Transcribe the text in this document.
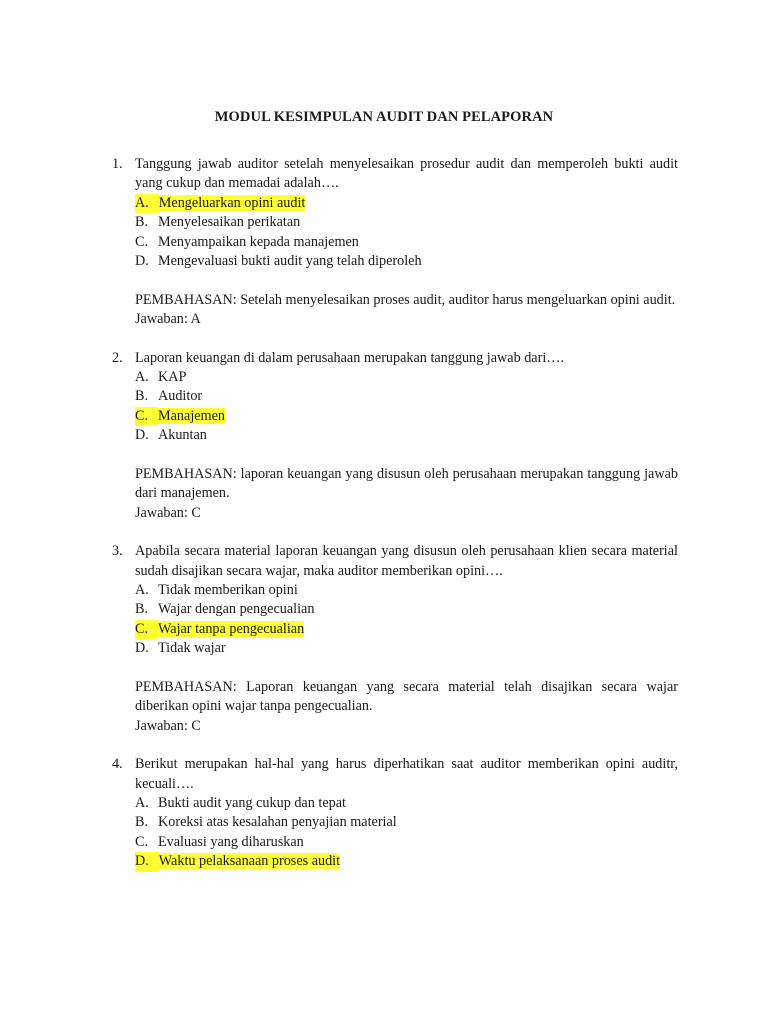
MODUL KESIMPULAN AUDIT DAN PELAPORAN
1. Tanggung jawab auditor setelah menyelesaikan prosedur audit dan memperoleh bukti audit yang cukup dan memadai adalah….
A. Mengeluarkan opini audit
B. Menyelesaikan perikatan
C. Menyampaikan kepada manajemen
D. Mengevaluasi bukti audit yang telah diperoleh
PEMBAHASAN: Setelah menyelesaikan proses audit, auditor harus mengeluarkan opini audit.
Jawaban: A
2. Laporan keuangan di dalam perusahaan merupakan tanggung jawab dari….
A. KAP
B. Auditor
C. Manajemen
D. Akuntan
PEMBAHASAN: laporan keuangan yang disusun oleh perusahaan merupakan tanggung jawab dari manajemen.
Jawaban: C
3. Apabila secara material laporan keuangan yang disusun oleh perusahaan klien secara material sudah disajikan secara wajar, maka auditor memberikan opini….
A. Tidak memberikan opini
B. Wajar dengan pengecualian
C. Wajar tanpa pengecualian
D. Tidak wajar
PEMBAHASAN: Laporan keuangan yang secara material telah disajikan secara wajar diberikan opini wajar tanpa pengecualian.
Jawaban: C
4. Berikut merupakan hal-hal yang harus diperhatikan saat auditor memberikan opini auditr, kecuali….
A. Bukti audit yang cukup dan tepat
B. Koreksi atas kesalahan penyajian material
C. Evaluasi yang diharuskan
D. Waktu pelaksanaan proses audit
